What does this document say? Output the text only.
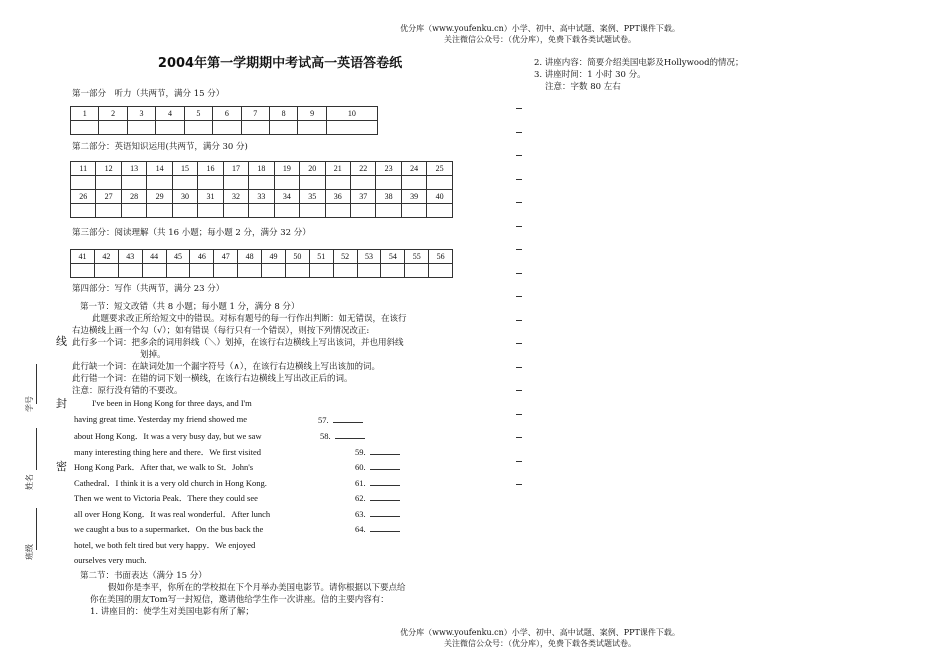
优分库（www.youfenku.cn）小学、初中、高中试题、案例、PPT课件下载。
关注微信公众号：（优分库），免费下载各类试题试卷。
2004年第一学期期中考试高一英语答卷纸
第一部分　听力（共两节，满分 15 分）
1	2	3	4	5	6	7	8	9	10

第二部分：英语知识运用(共两节，满分 30 分)
11	12	13	14	15	16	17	18	19	20	21	22	23	24	25

26	27	28	29	30	31	32	33	34	35	36	37	38	39	40

第三部分：阅读理解（共 16 小题；每小题 2 分，满分 32 分）
41	42	43	44	45	46	47	48	49	50	51	52	53	54	55	56

第四部分：写作（共两节，满分 23 分）
第一节：短文改错（共 8 小题；每小题 1 分，满分 8 分）
此题要求改正所给短文中的错误。对标有题号的每一行作出判断：如无错误，在该行
右边横线上画一个勾（√）；如有错误（每行只有一个错误），则按下列情况改正:
此行多一个词：把多余的词用斜线（＼）划掉，在该行右边横线上写出该词，并也用斜线
划掉。
此行缺一个词：在缺词处加一个漏字符号（∧），在该行右边横线上写出该加的词。
此行错一个词：在错的词下划一横线，在该行右边横线上写出改正后的词。
注意：原行没有错的不要改。
I've been in Hong Kong for three days, and I'm
having great time. Yesterday my friend showed me
about Hong Kong．It was a very busy day, but we saw
many interesting thing here and there．We first visited
Hong Kong Park．After that, we walk to St．John's
Cathedral．I think it is a very old church in Hong Kong.
Then we went to Victoria Peak．There they could see
all over Hong Kong．It was real wonderful．After lunch
we caught a bus to a supermarket．On the bus back the
hotel, we both felt tired but very happy．We enjoyed
ourselves very much.
57.
58.
59.
60.
61.
62.
63.
64.
第二节：书面表达（满分 15 分）
假如你是李平，你所在的学校拟在下个月举办美国电影节。请你根据以下要点给
你在美国的朋友Tom写一封短信，邀请他给学生作一次讲座。信的主要内容有：
1. 讲座目的：使学生对美国电影有所了解；
2. 讲座内容：简要介绍美国电影及Hollywood的情况；
3. 讲座时间：1 小时 30 分。
注意：字数 80 左右
线
封
密
学号
姓名
班级
优分库（www.youfenku.cn）小学、初中、高中试题、案例、PPT课件下载。
关注微信公众号：（优分库），免费下载各类试题试卷。
